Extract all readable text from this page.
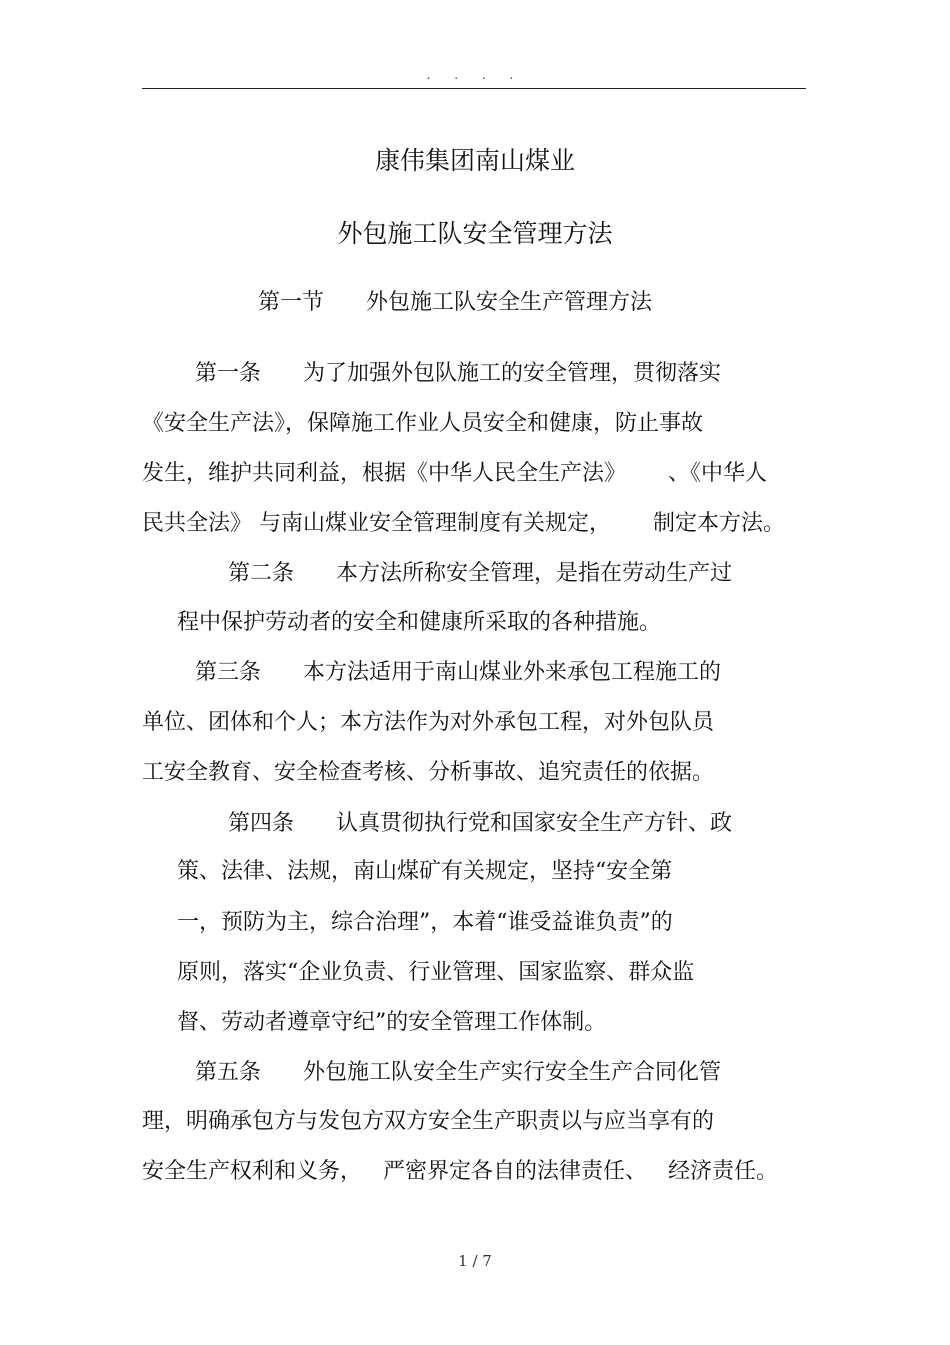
. . . .
康伟集团南山煤业
外包施工队安全管理方法
第一节      外包施工队安全生产管理方法
第一条      为了加强外包队施工的安全管理，贯彻落实
《安全生产法》，保障施工作业人员安全和健康，防止事故
发生，维护共同利益，根据《中华人民全生产法》      、《中华人
民共全法》 与南山煤业安全管理制度有关规定，      制定本方法。
第二条      本方法所称安全管理，是指在劳动生产过
程中保护劳动者的安全和健康所采取的各种措施。
第三条      本方法适用于南山煤业外来承包工程施工的
单位、团体和个人；本方法作为对外承包工程，对外包队员
工安全教育、安全检查考核、分析事故、追究责任的依据。
第四条      认真贯彻执行党和国家安全生产方针、政
策、法律、法规，南山煤矿有关规定，坚持“安全第
一，预防为主，综合治理”，本着“谁受益谁负责”的
原则，落实“企业负责、行业管理、国家监察、群众监
督、劳动者遵章守纪”的安全管理工作体制。
第五条      外包施工队安全生产实行安全生产合同化管
理，明确承包方与发包方双方安全生产职责以与应当享有的
安全生产权利和义务，   严密界定各自的法律责任、   经济责任。
1 / 7
